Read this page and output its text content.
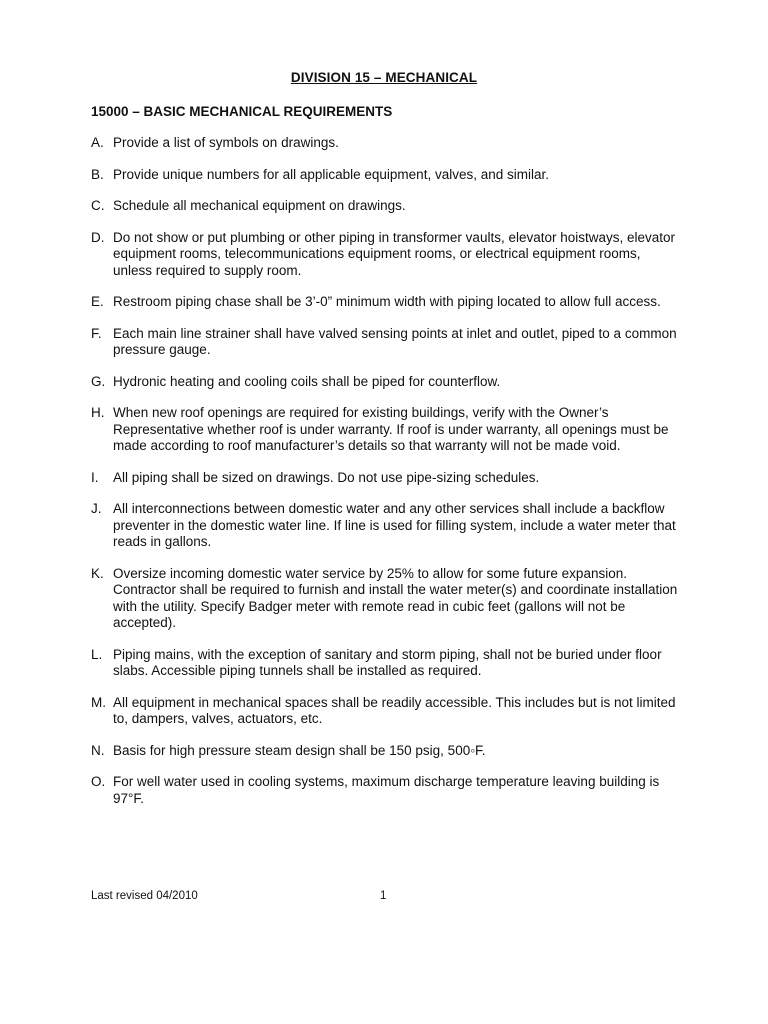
DIVISION 15 – MECHANICAL
15000 – BASIC MECHANICAL REQUIREMENTS
A. Provide a list of symbols on drawings.
B. Provide unique numbers for all applicable equipment, valves, and similar.
C. Schedule all mechanical equipment on drawings.
D. Do not show or put plumbing or other piping in transformer vaults, elevator hoistways, elevator equipment rooms, telecommunications equipment rooms, or electrical equipment rooms, unless required to supply room.
E. Restroom piping chase shall be 3’-0” minimum width with piping located to allow full access.
F. Each main line strainer shall have valved sensing points at inlet and outlet, piped to a common pressure gauge.
G. Hydronic heating and cooling coils shall be piped for counterflow.
H. When new roof openings are required for existing buildings, verify with the Owner’s Representative whether roof is under warranty. If roof is under warranty, all openings must be made according to roof manufacturer’s details so that warranty will not be made void.
I.	All piping shall be sized on drawings. Do not use pipe-sizing schedules.
J. All interconnections between domestic water and any other services shall include a backflow preventer in the domestic water line. If line is used for filling system, include a water meter that reads in gallons.
K. Oversize incoming domestic water service by 25% to allow for some future expansion. Contractor shall be required to furnish and install the water meter(s) and coordinate installation with the utility. Specify Badger meter with remote read in cubic feet (gallons will not be accepted).
L. Piping mains, with the exception of sanitary and storm piping, shall not be buried under floor slabs. Accessible piping tunnels shall be installed as required.
M. All equipment in mechanical spaces shall be readily accessible. This includes but is not limited to, dampers, valves, actuators, etc.
N. Basis for high pressure steam design shall be 150 psig, 500◦F.
O. For well water used in cooling systems, maximum discharge temperature leaving building is 97°F.
Last revised 04/2010	1
